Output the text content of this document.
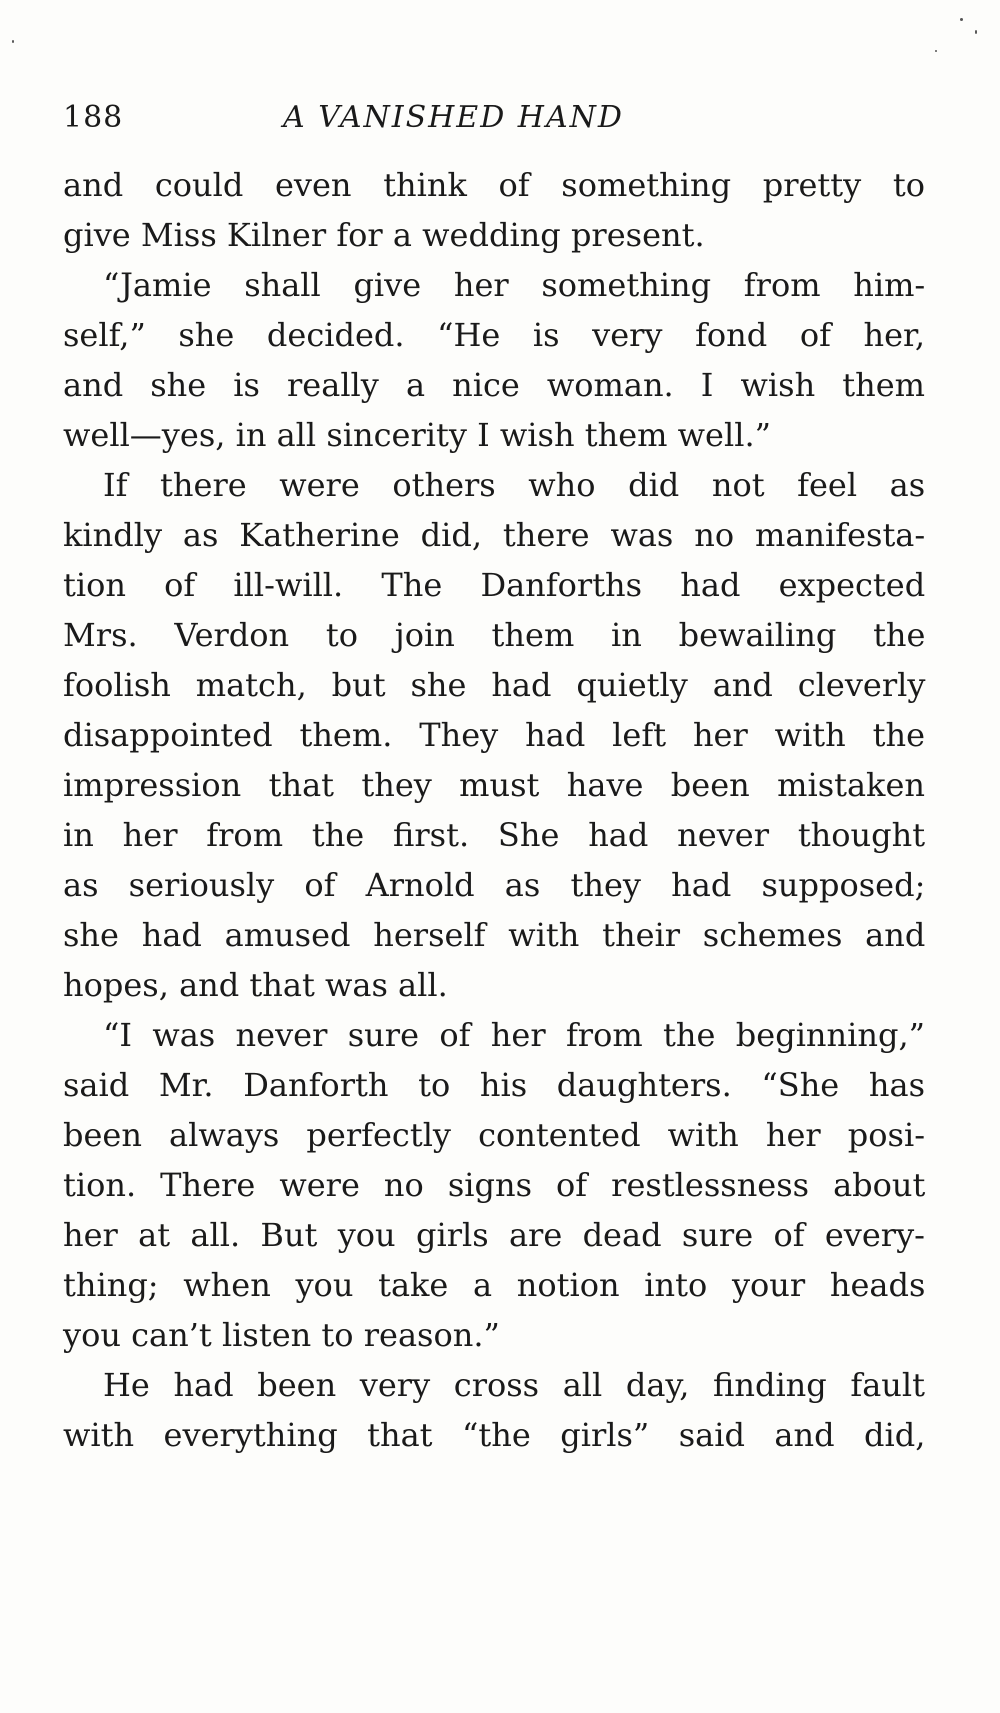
188	A VANISHED HAND
and could even think of something pretty to
give Miss Kilner for a wedding present.
“Jamie shall give her something from him-
self,” she decided. “He is very fond of her,
and she is really a nice woman. I wish them
well—yes, in all sincerity I wish them well.”
If there were others who did not feel as
kindly as Katherine did, there was no manifesta-
tion of ill-will. The Danforths had expected
Mrs. Verdon to join them in bewailing the
foolish match, but she had quietly and cleverly
disappointed them. They had left her with the
impression that they must have been mistaken
in her from the first. She had never thought
as seriously of Arnold as they had supposed;
she had amused herself with their schemes and
hopes, and that was all.
“I was never sure of her from the beginning,”
said Mr. Danforth to his daughters. “She has
been always perfectly contented with her posi-
tion. There were no signs of restlessness about
her at all. But you girls are dead sure of every-
thing; when you take a notion into your heads
you can’t listen to reason.”
He had been very cross all day, finding fault
with everything that “the girls” said and did,
